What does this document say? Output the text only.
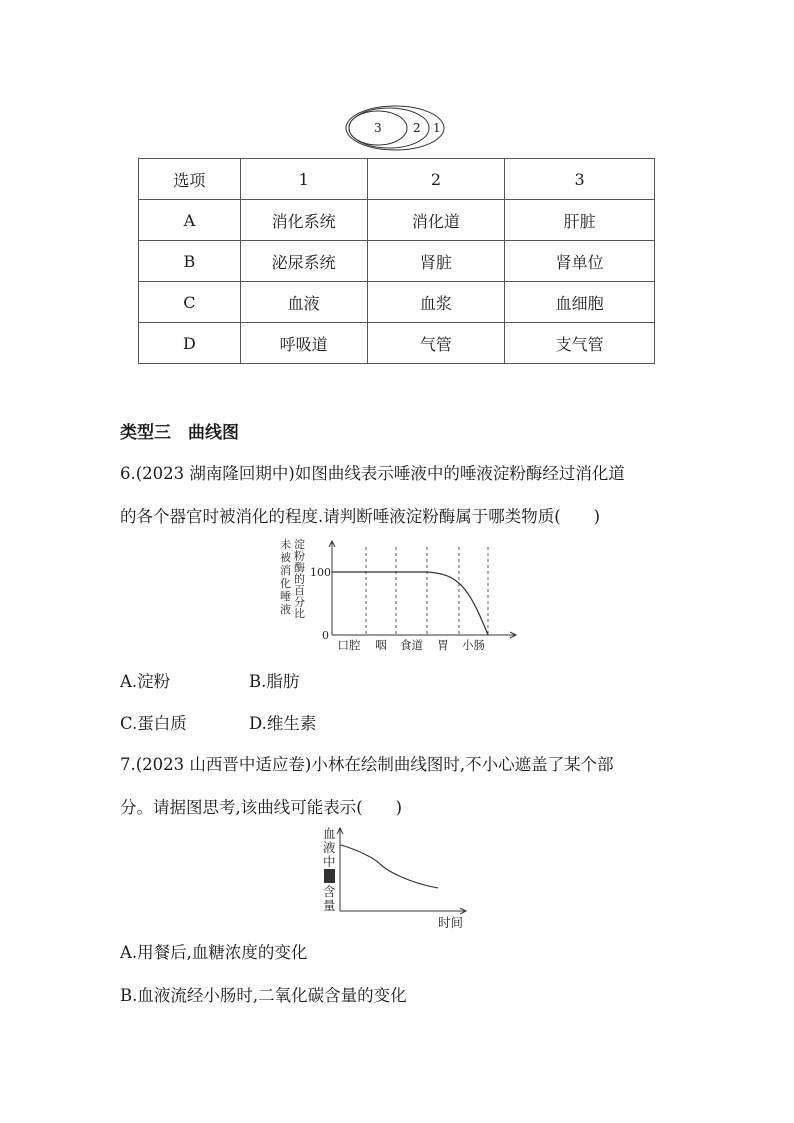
3	2 1
选项	1	2	3
A	消化系统	消化道	肝脏
B	泌尿系统	肾脏	肾单位
C	血液	血浆	血细胞
D	呼吸道	气管	支气管
类型三　曲线图
6.(2023 湖南隆回期中)如图曲线表示唾液中的唾液淀粉酶经过消化道
的各个器官时被消化的程度.请判断唾液淀粉酶属于哪类物质(　　)
未
被
消
化
唾
液
淀
粉
酶
的
百
分
比
100
0
口腔 咽 食道 胃 小肠
A.淀粉	B.脂肪
C.蛋白质	D.维生素
7.(2023 山西晋中适应卷)小林在绘制曲线图时,不小心遮盖了某个部
分。请据图思考,该曲线可能表示(　　)
血
液
中
含
量
时间
A.用餐后,血糖浓度的变化
B.血液流经小肠时,二氧化碳含量的变化
